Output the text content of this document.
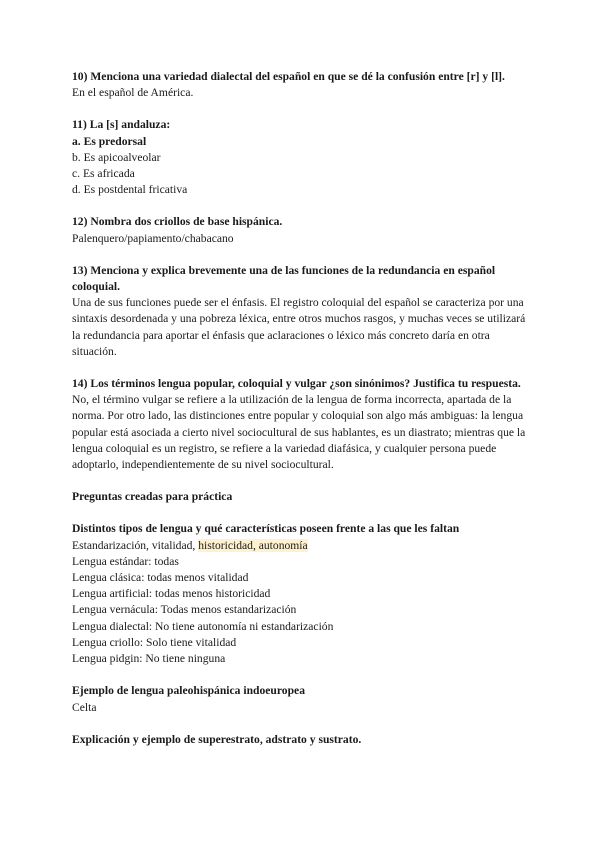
10) Menciona una variedad dialectal del español en que se dé la confusión entre [r] y [l].

En el español de América.

11) La [s] andaluza:

a. Es predorsal

b. Es apicoalveolar

c. Es africada

d. Es postdental fricativa

12) Nombra dos criollos de base hispánica.

Palenquero/papiamento/chabacano

13) Menciona y explica brevemente una de las funciones de la redundancia en español coloquial.

Una de sus funciones puede ser el énfasis. El registro coloquial del español se caracteriza por una sintaxis desordenada y una pobreza léxica, entre otros muchos rasgos, y muchas veces se utilizará la redundancia para aportar el énfasis que aclaraciones o léxico más concreto daría en otra situación.

14) Los términos lengua popular, coloquial y vulgar ¿son sinónimos? Justifica tu respuesta.

No, el término vulgar se refiere a la utilización de la lengua de forma incorrecta, apartada de la norma. Por otro lado, las distinciones entre popular y coloquial son algo más ambiguas: la lengua popular está asociada a cierto nivel sociocultural de sus hablantes, es un diastrato; mientras que la lengua coloquial es un registro, se refiere a la variedad diafásica, y cualquier persona puede adoptarlo, independientemente de su nivel sociocultural.

Preguntas creadas para práctica

Distintos tipos de lengua y qué características poseen frente a las que les faltan

Estandarización, vitalidad, historicidad, autonomía

Lengua estándar: todas

Lengua clásica: todas menos vitalidad

Lengua artificial: todas menos historicidad

Lengua vernácula: Todas menos estandarización

Lengua dialectal: No tiene autonomía ni estandarización

Lengua criollo: Solo tiene vitalidad

Lengua pidgin: No tiene ninguna

Ejemplo de lengua paleohispánica indoeuropea

Celta

Explicación y ejemplo de superestrato, adstrato y sustrato.
